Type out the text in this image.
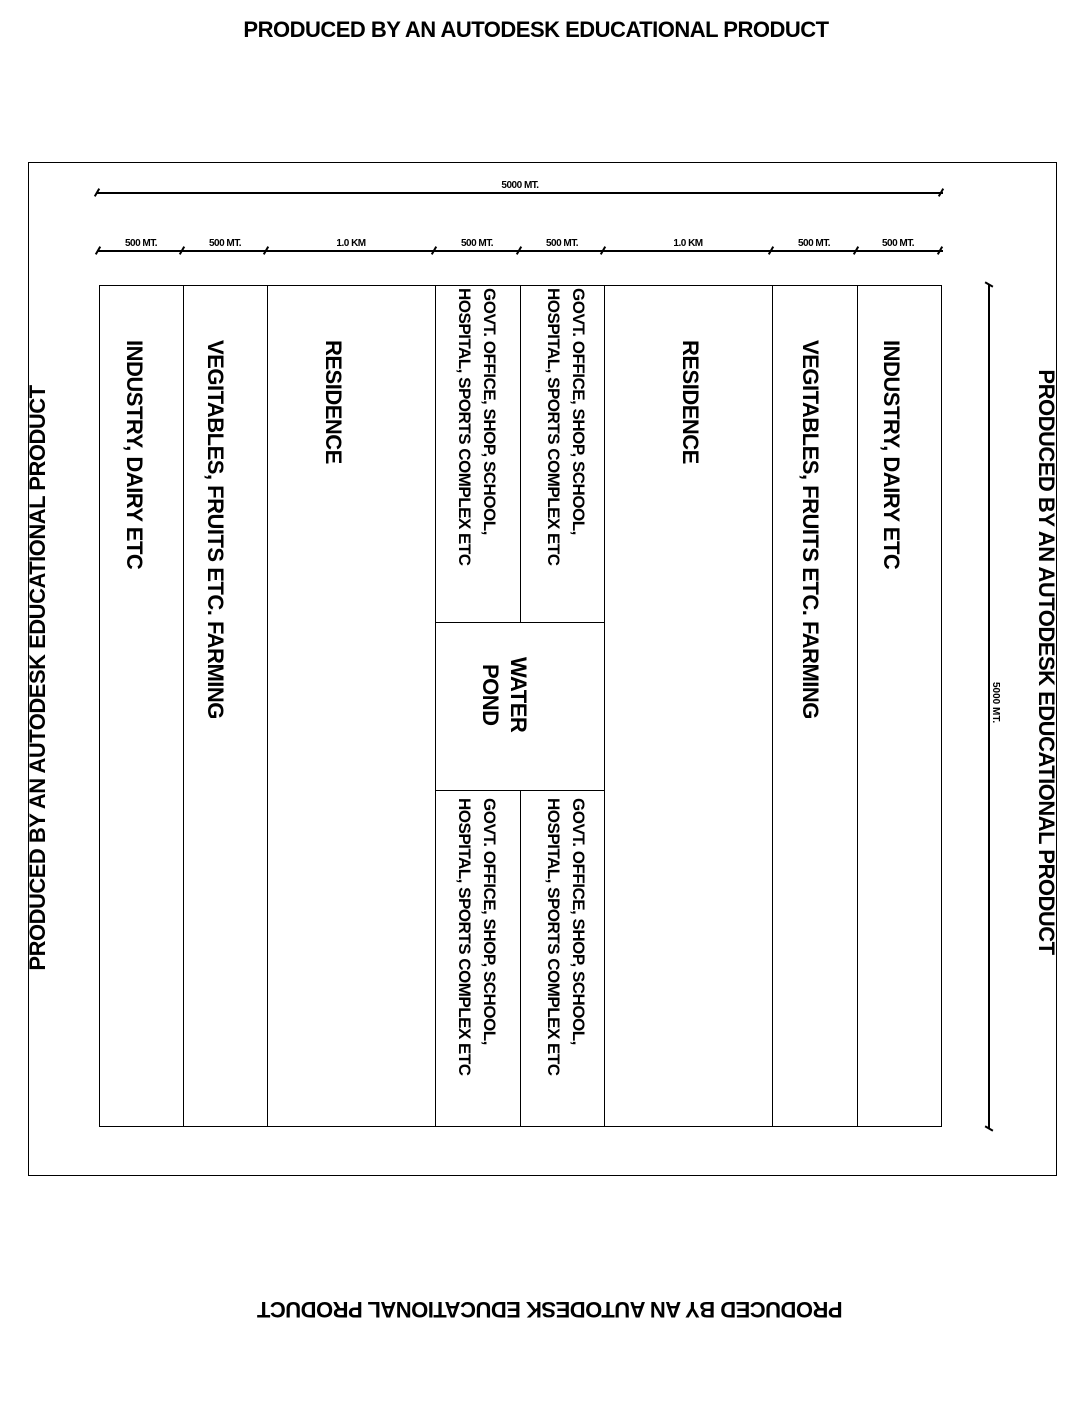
PRODUCED BY AN AUTODESK EDUCATIONAL PRODUCT
PRODUCED BY AN AUTODESK EDUCATIONAL PRODUCT
PRODUCED BY AN AUTODESK EDUCATIONAL PRODUCT	PRODUCED BY AN AUTODESK EDUCATIONAL PRODUCT
5000 MT.
500 MT.	500 MT.	1.0 KM	500 MT.	500 MT.	1.0 KM	500 MT.	500 MT.
5000 MT.
INDUSTRY, DAIRY ETC	VEGITABLES, FRUITS ETC. FARMING	RESIDENCE	RESIDENCE	VEGITABLES, FRUITS ETC. FARMING	INDUSTRY, DAIRY ETC
GOVT. OFFICE, SHOP, SCHOOL,
HOSPITAL, SPORTS COMPLEX ETC	GOVT. OFFICE, SHOP, SCHOOL,
HOSPITAL, SPORTS COMPLEX ETC
GOVT. OFFICE, SHOP, SCHOOL,
HOSPITAL, SPORTS COMPLEX ETC	GOVT. OFFICE, SHOP, SCHOOL,
HOSPITAL, SPORTS COMPLEX ETC
WATER
POND
